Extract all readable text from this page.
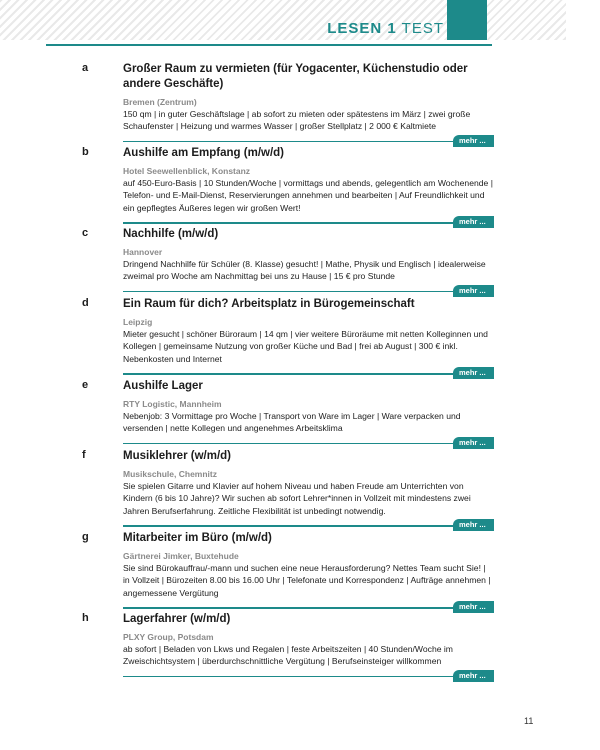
LESEN 1 TEST
a	Großer Raum zu vermieten (für Yogacenter, Küchenstudio oder andere Geschäfte)
Bremen (Zentrum)
150 qm | in guter Geschäftslage | ab sofort zu mieten oder spätestens im März | zwei große Schaufenster | Heizung und warmes Wasser | großer Stellplatz | 2 000 € Kaltmiete
mehr ...
b	Aushilfe am Empfang (m/w/d)
Hotel Seewellenblick, Konstanz
auf 450-Euro-Basis | 10 Stunden/Woche | vormittags und abends, gelegentlich am Wochenende | Telefon- und E-Mail-Dienst, Reservierungen annehmen und bearbeiten | Auf Freundlichkeit und ein gepflegtes Äußeres legen wir großen Wert!
mehr ...
c	Nachhilfe (m/w/d)
Hannover
Dringend Nachhilfe für Schüler (8. Klasse) gesucht! | Mathe, Physik und Englisch | idealerweise zweimal pro Woche am Nachmittag bei uns zu Hause | 15 € pro Stunde
mehr ...
d	Ein Raum für dich? Arbeitsplatz in Bürogemeinschaft
Leipzig
Mieter gesucht | schöner Büroraum | 14 qm | vier weitere Büroräume mit netten Kolleginnen und Kollegen | gemeinsame Nutzung von großer Küche und Bad | frei ab August | 300 € inkl. Nebenkosten und Internet
mehr ...
e	Aushilfe Lager
RTY Logistic, Mannheim
Nebenjob: 3 Vormittage pro Woche | Transport von Ware im Lager | Ware verpacken und versenden | nette Kollegen und angenehmes Arbeitsklima
mehr ...
f	Musiklehrer (w/m/d)
Musikschule, Chemnitz
Sie spielen Gitarre und Klavier auf hohem Niveau und haben Freude am Unterrichten von Kindern (6 bis 10 Jahre)? Wir suchen ab sofort Lehrer*innen in Vollzeit mit mindestens zwei Jahren Berufserfahrung. Zeitliche Flexibilität ist unbedingt notwendig.
mehr ...
g	Mitarbeiter im Büro (m/w/d)
Gärtnerei Jimker, Buxtehude
Sie sind Bürokauffrau/-mann und suchen eine neue Herausforderung? Nettes Team sucht Sie! | in Vollzeit | Bürozeiten 8.00 bis 16.00 Uhr | Telefonate und Korrespondenz | Aufträge annehmen | angemessene Vergütung
mehr ...
h	Lagerfahrer (w/m/d)
PLXY Group, Potsdam
ab sofort | Beladen von Lkws und Regalen | feste Arbeitszeiten | 40 Stunden/Woche im Zweischichtsystem | überdurchschnittliche Vergütung | Berufseinsteiger willkommen
mehr ...
11
